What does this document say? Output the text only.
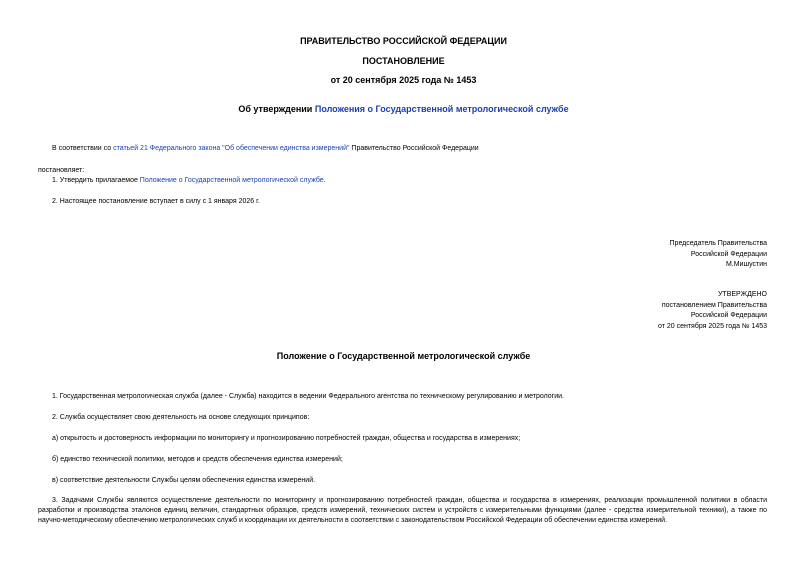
ПРАВИТЕЛЬСТВО РОССИЙСКОЙ ФЕДЕРАЦИИ
ПОСТАНОВЛЕНИЕ
от 20 сентября 2025 года № 1453
Об утверждении Положения о Государственной метрологической службе
В соответствии со статьей 21 Федерального закона "Об обеспечении единства измерений" Правительство Российской Федерации
постановляет:
1. Утвердить прилагаемое Положение о Государственной метрологической службе.
2. Настоящее постановление вступает в силу с 1 января 2026 г.
Председатель Правительства
Российской Федерации
М.Мишустин
УТВЕРЖДЕНО
постановлением Правительства
Российской Федерации
от 20 сентября 2025 года № 1453
Положение о Государственной метрологической службе
1. Государственная метрологическая служба (далее - Служба) находится в ведении Федерального агентства по техническому регулированию и метрологии.
2. Служба осуществляет свою деятельность на основе следующих принципов:
а) открытость и достоверность информации по мониторингу и прогнозированию потребностей граждан, общества и государства в измерениях;
б) единство технической политики, методов и средств обеспечения единства измерений;
в) соответствие деятельности Службы целям обеспечения единства измерений.
3. Задачами Службы являются осуществление деятельности по мониторингу и прогнозированию потребностей граждан, общества и государства в измерениях, реализации промышленной политики в области разработки и производства эталонов единиц величин, стандартных образцов, средств измерений, технических систем и устройств с измерительными функциями (далее - средства измерительной техники), а также по научно-методическому обеспечению метрологических служб и координации их деятельности в соответствии с законодательством Российской Федерации об обеспечении единства измерений.
